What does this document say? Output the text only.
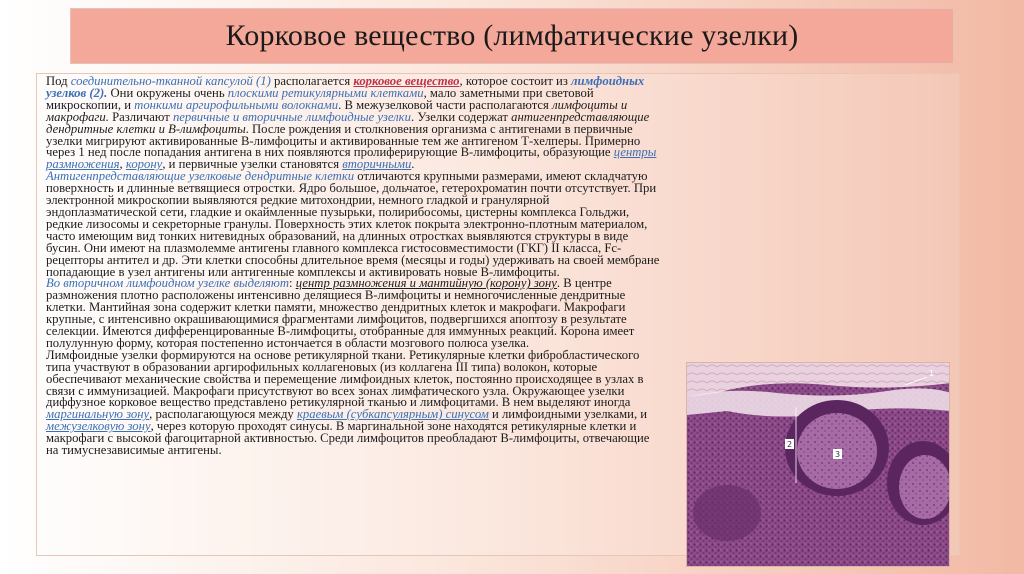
Корковое вещество (лимфатические узелки)

Под соединительно-тканной капсулой (1) располагается корковое вещество, которое состоит из лимфоидных узелков (2). Они окружены очень плоскими ретикулярными клетками, мало заметными при световой микроскопии, и тонкими аргирофильными волокнами. В межузелковой части располагаются лимфоциты и макрофаги. Различают первичные и вторичные лимфоидные узелки. Узелки содержат антигенпредставляющие дендритные клетки и В-лимфоциты. После рождения и столкновения организма с антигенами в первичные узелки мигрируют активированные В-лимфоциты и активированные тем же антигеном Т-хелперы. Примерно через 1 нед после попадания антигена в них появляются пролиферирующие В-лимфоциты, образующие центры размножения, корону, и первичные узелки становятся вторичными.

Антигенпредставляющие узелковые дендритные клетки отличаются крупными размерами, имеют складчатую поверхность и длинные ветвящиеся отростки. Ядро большое, дольчатое, гетерохроматин почти отсутствует. При электронной микроскопии выявляются редкие митохондрии, немного гладкой и гранулярной эндоплазматической сети, гладкие и окаймленные пузырьки, полирибосомы, цистерны комплекса Гольджи, редкие лизосомы и секреторные гранулы. Поверхность этих клеток покрыта электронно-плотным материалом, часто имеющим вид тонких нитевидных образований, на длинных отростках выявляются структуры в виде бусин. Они имеют на плазмолемме антигены главного комплекса гистосовместимости (ГКГ) II класса, Fc-рецепторы антител и др. Эти клетки способны длительное время (месяцы и годы) удерживать на своей мембране попадающие в узел антигены или антигенные комплексы и активировать новые В-лимфоциты.

Во вторичном лимфоидном узелке выделяют: центр размножения и мантийную (корону) зону. В центре размножения плотно расположены интенсивно делящиеся В-лимфоциты и немногочисленные дендритные клетки. Мантийная зона содержит клетки памяти, множество дендритных клеток и макрофаги. Макрофаги крупные, с интенсивно окрашивающимися фрагментами лимфоцитов, подвергшихся апоптозу в результате селекции. Имеются дифференцированные В-лимфоциты, отобранные для иммунных реакций. Корона имеет полулунную форму, которая постепенно истончается в области мозгового полюса узелка.

Лимфоидные узелки формируются на основе ретикулярной ткани. Ретикулярные клетки фибробластического типа участвуют в образовании аргирофильных коллагеновых (из коллагена III типа) волокон, которые обеспечивают механические свойства и перемещение лимфоидных клеток, постоянно происходящее в узлах в связи с иммунизацией. Макрофаги присутствуют во всех зонах лимфатического узла. Окружающее узелки диффузное корковое вещество представлено ретикулярной тканью и лимфоцитами. В нем выделяют иногда маргинальную зону, располагающуюся между краевым (субкапсулярным) синусом и лимфоидными узелками, и межузелковую зону, через которую проходят синусы. В маргинальной зоне находятся ретикулярные клетки и макрофаги с высокой фагоцитарной активностью. Среди лимфоцитов преобладают В-лимфоциты, отвечающие на тимуснезависимые антигены.

1
2
3
